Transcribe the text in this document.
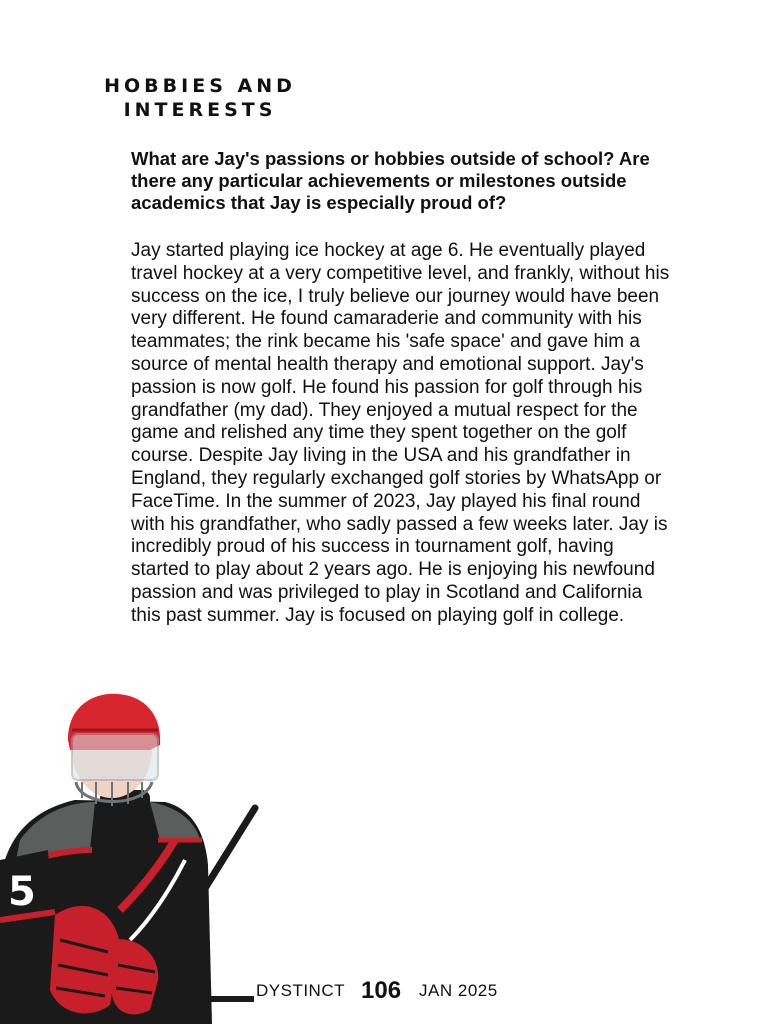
HOBBIES AND
INTERESTS
What are Jay's passions or hobbies outside of school? Are there any particular achievements or milestones outside academics that Jay is especially proud of?
Jay started playing ice hockey at age 6. He eventually played travel hockey at a very competitive level, and frankly, without his success on the ice, I truly believe our journey would have been very different. He found camaraderie and community with his teammates; the rink became his 'safe space' and gave him a source of mental health therapy and emotional support. Jay's passion is now golf. He found his passion for golf through his grandfather (my dad). They enjoyed a mutual respect for the game and relished any time they spent together on the golf course. Despite Jay living in the USA and his grandfather in England, they regularly exchanged golf stories by WhatsApp or FaceTime. In the summer of 2023, Jay played his final round with his grandfather, who sadly passed a few weeks later. Jay is incredibly proud of his success in tournament golf, having started to play about 2 years ago. He is enjoying his newfound passion and was privileged to play in Scotland and California this past summer. Jay is focused on playing golf in college.
5
DYSTINCT 106 JAN 2025
